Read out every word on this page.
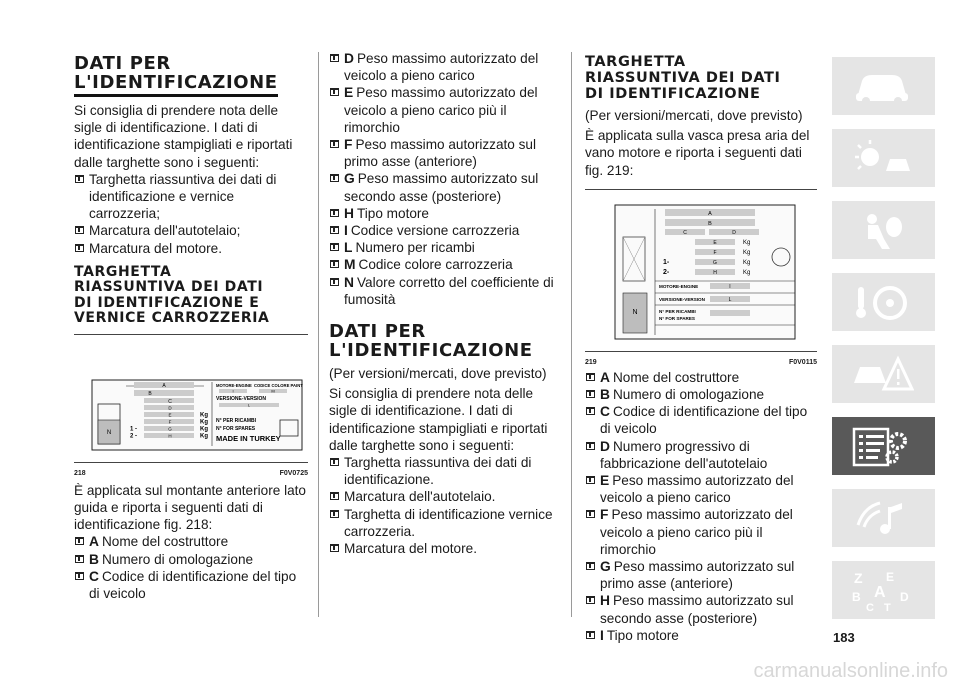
DATI PER
L'IDENTIFICAZIONE

Si consiglia di prendere nota delle sigle di identificazione. I dati di identificazione stampigliati e riportati dalle targhette sono i seguenti:

Targhetta riassuntiva dei dati di identificazione e vernice carrozzeria;
Marcatura dell'autotelaio;
Marcatura del motore.
TARGHETTA
RIASSUNTIVA DEI DATI
DI IDENTIFICAZIONE E
VERNICE CARROZZERIA
N
A
B
C
D
E
F
G
1 -
H
2 -
Kg
Kg
Kg
Kg
MOTORE-ENGINE CODICE COLORE PAINT
I	M
VERSIONE-VERSION
L
N° PER RICAMBI
N° FOR SPARES
MADE IN TURKEY
218	F0V0725

È applicata sul montante anteriore lato guida e riporta i seguenti dati di identificazione fig. 218:

A Nome del costruttore
B Numero di omologazione
C Codice di identificazione del tipo di veicolo
D Peso massimo autorizzato del veicolo a pieno carico
E Peso massimo autorizzato del veicolo a pieno carico più il rimorchio
F Peso massimo autorizzato sul primo asse (anteriore)
G Peso massimo autorizzato sul secondo asse (posteriore)
H Tipo motore
I Codice versione carrozzeria
L Numero per ricambi
M Codice colore carrozzeria
N Valore corretto del coefficiente di fumosità
DATI PER
L'IDENTIFICAZIONE

(Per versioni/mercati, dove previsto)

Si consiglia di prendere nota delle sigle di identificazione. I dati di identificazione stampigliati e riportati dalle targhette sono i seguenti:

Targhetta riassuntiva dei dati di identificazione.
Marcatura dell'autotelaio.
Targhetta di identificazione vernice carrozzeria.
Marcatura del motore.
TARGHETTA
RIASSUNTIVA DEI DATI
DI IDENTIFICAZIONE

(Per versioni/mercati, dove previsto)

È applicata sulla vasca presa aria del vano motore e riporta i seguenti dati fig. 219:

N
A
B
C	D
E	Kg
F	Kg
G	Kg
1-
H	Kg
2-
MOTORE-ENGINE	I
VERSIONE-VERSION	L
N° PER RICAMBI
N° FOR SPARES
219	F0V0115
A Nome del costruttore
B Numero di omologazione
C Codice di identificazione del tipo di veicolo
D Numero progressivo di fabbricazione dell'autotelaio
E Peso massimo autorizzato del veicolo a pieno carico
F Peso massimo autorizzato del veicolo a pieno carico più il rimorchio
G Peso massimo autorizzato sul primo asse (anteriore)
H Peso massimo autorizzato sul secondo asse (posteriore)
I Tipo motore
Z E
B A D
C T
183
carmanualsonline.info
